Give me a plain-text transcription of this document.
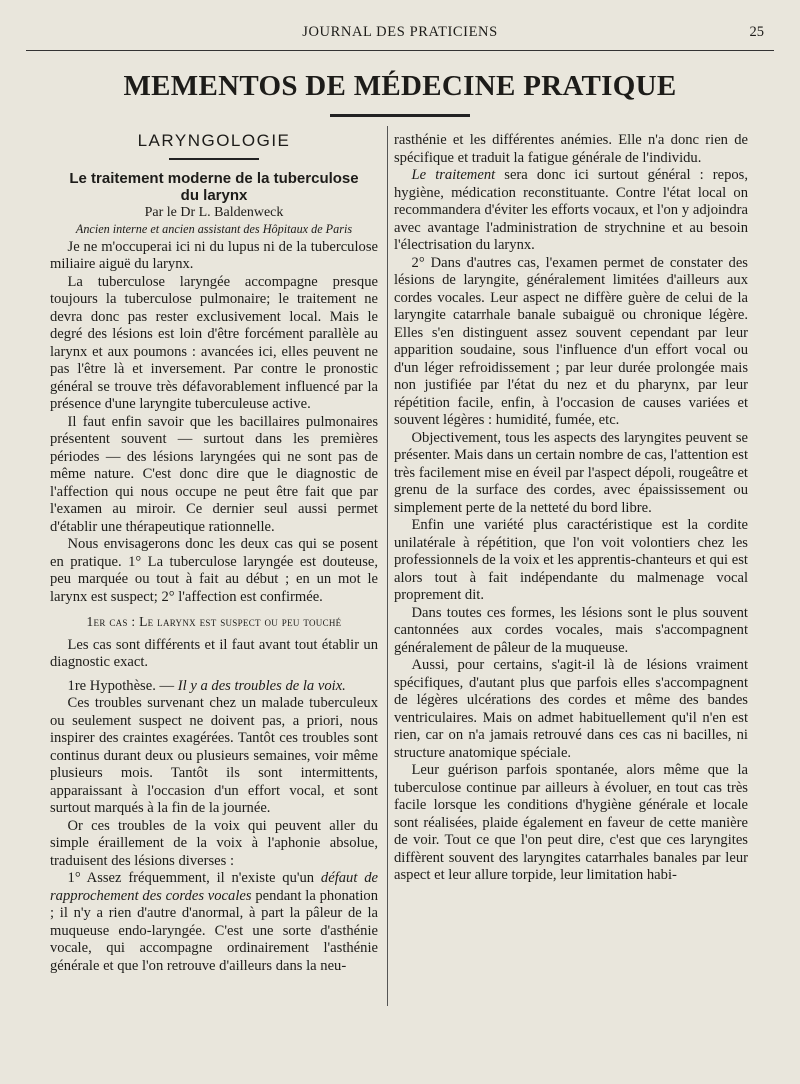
JOURNAL DES PRATICIENS	25
MEMENTOS DE MÉDECINE PRATIQUE
LARYNGOLOGIE

Le traitement moderne de la tuberculose

du larynx

Par le Dr L. Baldenweck

Ancien interne et ancien assistant des Hôpitaux de Paris

Je ne m'occuperai ici ni du lupus ni de la tuberculose miliaire aiguë du larynx.

La tuberculose laryngée accompagne presque toujours la tuberculose pulmonaire; le traitement ne devra donc pas rester exclusivement local. Mais le degré des lésions est loin d'être forcément parallèle au larynx et aux poumons : avancées ici, elles peuvent ne pas l'être là et inversement. Par contre le pronostic général se trouve très défavorablement influencé par la présence d'une laryngite tuberculeuse active.

Il faut enfin savoir que les bacillaires pulmonaires présentent souvent — surtout dans les premières périodes — des lésions laryngées qui ne sont pas de même nature. C'est donc dire que le diagnostic de l'affection qui nous occupe ne peut être fait que par l'examen au miroir. Ce dernier seul aussi permet d'établir une thérapeutique rationnelle.

Nous envisagerons donc les deux cas qui se posent en pratique. 1° La tuberculose laryngée est douteuse, peu marquée ou tout à fait au début ; en un mot le larynx est suspect; 2° l'affection est confirmée.

1er cas : Le larynx est suspect ou peu touché

Les cas sont différents et il faut avant tout établir un diagnostic exact.

1re Hypothèse. — Il y a des troubles de la voix.

Ces troubles survenant chez un malade tuberculeux ou seulement suspect ne doivent pas, a priori, nous inspirer des craintes exagérées. Tantôt ces troubles sont continus durant deux ou plusieurs semaines, voir même plusieurs mois. Tantôt ils sont intermittents, apparaissant à l'occasion d'un effort vocal, et sont surtout marqués à la fin de la journée.

Or ces troubles de la voix qui peuvent aller du simple éraillement de la voix à l'aphonie absolue, traduisent des lésions diverses :

1° Assez fréquemment, il n'existe qu'un défaut de rapprochement des cordes vocales pendant la phonation ; il n'y a rien d'autre d'anormal, à part la pâleur de la muqueuse endo-laryngée. C'est une sorte d'asthénie vocale, qui accompagne ordinairement l'asthénie générale et que l'on retrouve d'ailleurs dans la neu-

rasthénie et les différentes anémies. Elle n'a donc rien de spécifique et traduit la fatigue générale de l'individu.

Le traitement sera donc ici surtout général : repos, hygiène, médication reconstituante. Contre l'état local on recommandera d'éviter les efforts vocaux, et l'on y adjoindra avec avantage l'administration de strychnine et au besoin l'électrisation du larynx.

2° Dans d'autres cas, l'examen permet de constater des lésions de laryngite, généralement limitées d'ailleurs aux cordes vocales. Leur aspect ne diffère guère de celui de la laryngite catarrhale banale subaiguë ou chronique légère. Elles s'en distinguent assez souvent cependant par leur apparition soudaine, sous l'influence d'un effort vocal ou d'un léger refroidissement ; par leur durée prolongée mais non justifiée par l'état du nez et du pharynx, par leur répétition facile, enfin, à l'occasion de causes variées et souvent légères : humidité, fumée, etc.

Objectivement, tous les aspects des laryngites peuvent se présenter. Mais dans un certain nombre de cas, l'attention est très facilement mise en éveil par l'aspect dépoli, rougeâtre et grenu de la surface des cordes, avec épaississement ou simplement perte de la netteté du bord libre.

Enfin une variété plus caractéristique est la cordite unilatérale à répétition, que l'on voit volontiers chez les professionnels de la voix et les apprentis-chanteurs et qui est alors tout à fait indépendante du malmenage vocal proprement dit.

Dans toutes ces formes, les lésions sont le plus souvent cantonnées aux cordes vocales, mais s'accompagnent généralement de pâleur de la muqueuse.

Aussi, pour certains, s'agit-il là de lésions vraiment spécifiques, d'autant plus que parfois elles s'accompagnent de légères ulcérations des cordes et même des bandes ventriculaires. Mais on admet habituellement qu'il n'en est rien, car on n'a jamais retrouvé dans ces cas ni bacilles, ni structure anatomique spéciale.

Leur guérison parfois spontanée, alors même que la tuberculose continue par ailleurs à évoluer, en tout cas très facile lorsque les conditions d'hygiène générale et locale sont réalisées, plaide également en faveur de cette manière de voir. Tout ce que l'on peut dire, c'est que ces laryngites diffèrent souvent des laryngites catarrhales banales par leur aspect et leur allure torpide, leur limitation habi-
